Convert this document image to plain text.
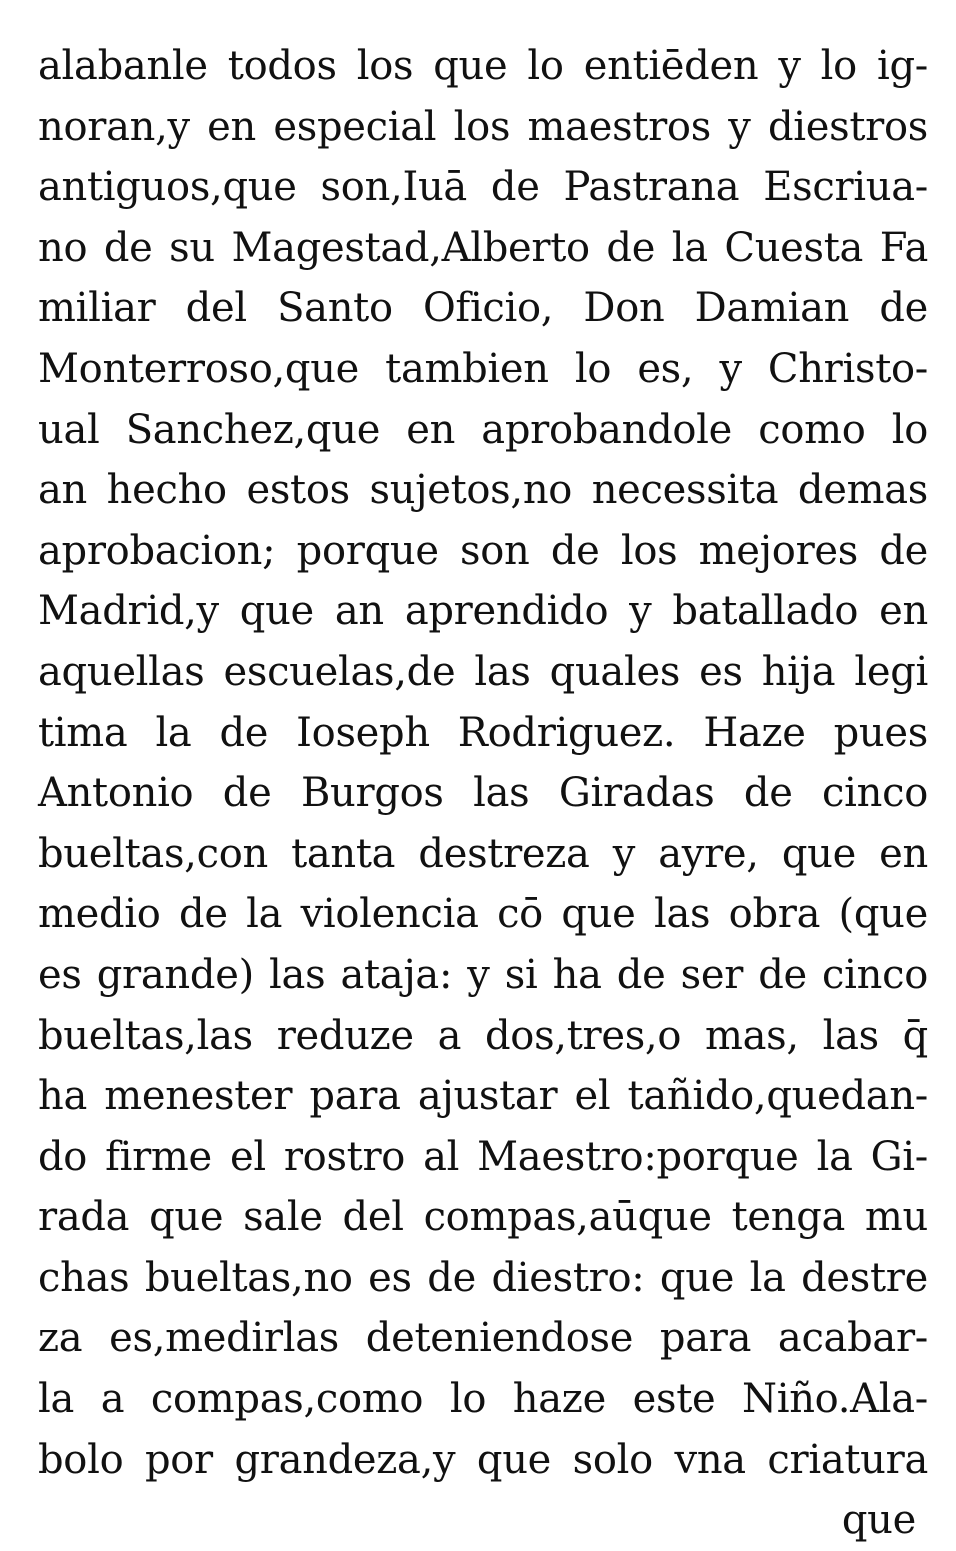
alabanle todos los que lo entiēden y lo ig-
noran,y en especial los maestros y diestros
antiguos,que son,Iuā de Pastrana Escriua-
no de su Magestad,Alberto de la Cuesta Fa
miliar del Santo Oficio, Don Damian de
Monterroso,que tambien lo es, y Christo-
ual Sanchez,que en aprobandole como lo
an hecho estos sujetos,no necessita demas
aprobacion; porque son de los mejores de
Madrid,y que an aprendido y batallado en
aquellas escuelas,de las quales es hija legi
tima la de Ioseph Rodriguez. Haze pues
Antonio de Burgos las Giradas de cinco
bueltas,con tanta destreza y ayre, que en
medio de la violencia cō que las obra (que
es grande) las ataja: y si ha de ser de cinco
bueltas,las reduze a dos,tres,o mas, las q̄
ha menester para ajustar el tañido,quedan-
do firme el rostro al Maestro:porque la Gi-
rada que sale del compas,aūque tenga mu
chas bueltas,no es de diestro: que la destre
za es,medirlas deteniendose para acabar-
la a compas,como lo haze este Niño.Ala-
bolo por grandeza,y que solo vna criatura
que
